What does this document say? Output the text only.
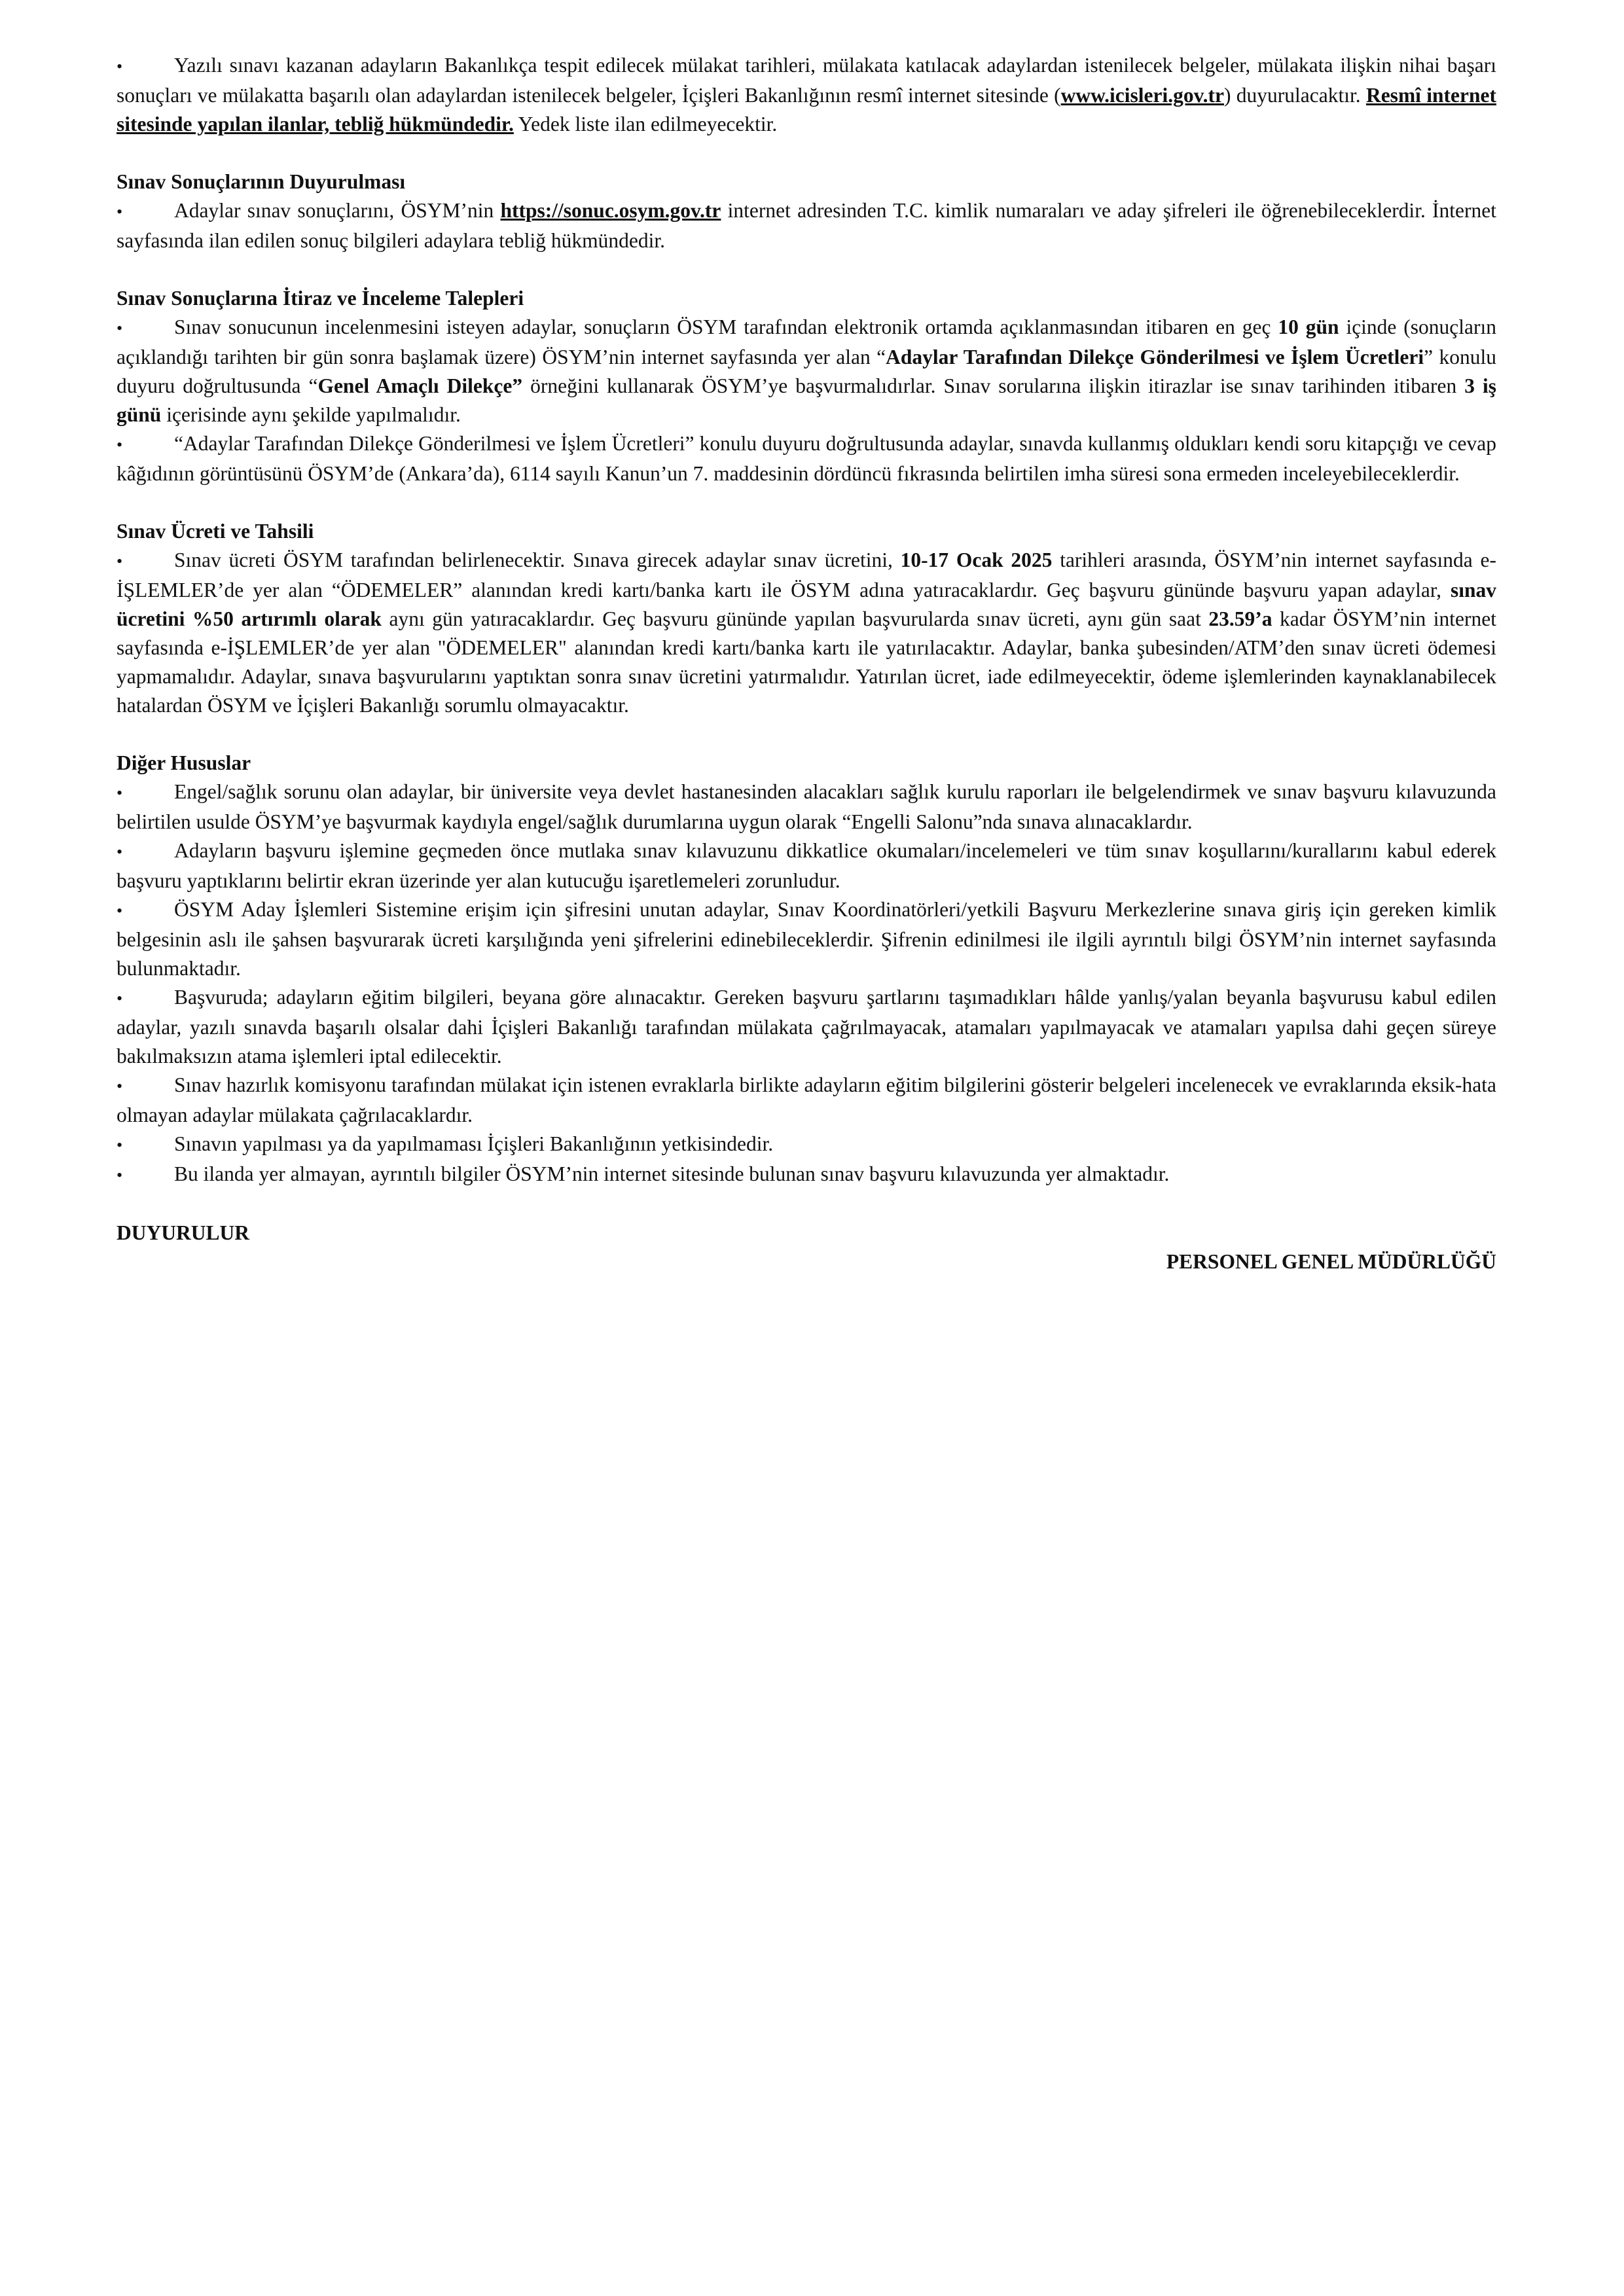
•	Yazılı sınavı kazanan adayların Bakanlıkça tespit edilecek mülakat tarihleri, mülakata katılacak adaylardan istenilecek belgeler, mülakata ilişkin nihai başarı sonuçları ve mülakatta başarılı olan adaylardan istenilecek belgeler, İçişleri Bakanlığının resmî internet sitesinde (www.icisleri.gov.tr) duyurulacaktır. Resmî internet sitesinde yapılan ilanlar, tebliğ hükmündedir. Yedek liste ilan edilmeyecektir.

Sınav Sonuçlarının Duyurulması

•	Adaylar sınav sonuçlarını, ÖSYM’nin https://sonuc.osym.gov.tr internet adresinden T.C. kimlik numaraları ve aday şifreleri ile öğrenebileceklerdir. İnternet sayfasında ilan edilen sonuç bilgileri adaylara tebliğ hükmündedir.

Sınav Sonuçlarına İtiraz ve İnceleme Talepleri

•	Sınav sonucunun incelenmesini isteyen adaylar, sonuçların ÖSYM tarafından elektronik ortamda açıklanmasından itibaren en geç 10 gün içinde (sonuçların açıklandığı tarihten bir gün sonra başlamak üzere) ÖSYM’nin internet sayfasında yer alan “Adaylar Tarafından Dilekçe Gönderilmesi ve İşlem Ücretleri” konulu duyuru doğrultusunda “Genel Amaçlı Dilekçe” örneğini kullanarak ÖSYM’ye başvurmalıdırlar. Sınav sorularına ilişkin itirazlar ise sınav tarihinden itibaren 3 iş günü içerisinde aynı şekilde yapılmalıdır.

•	“Adaylar Tarafından Dilekçe Gönderilmesi ve İşlem Ücretleri” konulu duyuru doğrultusunda adaylar, sınavda kullanmış oldukları kendi soru kitapçığı ve cevap kâğıdının görüntüsünü ÖSYM’de (Ankara’da), 6114 sayılı Kanun’un 7. maddesinin dördüncü fıkrasında belirtilen imha süresi sona ermeden inceleyebileceklerdir.

Sınav Ücreti ve Tahsili

•	Sınav ücreti ÖSYM tarafından belirlenecektir. Sınava girecek adaylar sınav ücretini, 10-17 Ocak 2025 tarihleri arasında, ÖSYM’nin internet sayfasında e-İŞLEMLER’de yer alan “ÖDEMELER” alanından kredi kartı/banka kartı ile ÖSYM adına yatıracaklardır. Geç başvuru gününde başvuru yapan adaylar, sınav ücretini %50 artırımlı olarak aynı gün yatıracaklardır. Geç başvuru gününde yapılan başvurularda sınav ücreti, aynı gün saat 23.59’a kadar ÖSYM’nin internet sayfasında e-İŞLEMLER’de yer alan "ÖDEMELER" alanından kredi kartı/banka kartı ile yatırılacaktır. Adaylar, banka şubesinden/ATM’den sınav ücreti ödemesi yapmamalıdır. Adaylar, sınava başvurularını yaptıktan sonra sınav ücretini yatırmalıdır. Yatırılan ücret, iade edilmeyecektir, ödeme işlemlerinden kaynaklanabilecek hatalardan ÖSYM ve İçişleri Bakanlığı sorumlu olmayacaktır.

Diğer Hususlar

•	Engel/sağlık sorunu olan adaylar, bir üniversite veya devlet hastanesinden alacakları sağlık kurulu raporları ile belgelendirmek ve sınav başvuru kılavuzunda belirtilen usulde ÖSYM’ye başvurmak kaydıyla engel/sağlık durumlarına uygun olarak “Engelli Salonu”nda sınava alınacaklardır.

•	Adayların başvuru işlemine geçmeden önce mutlaka sınav kılavuzunu dikkatlice okumaları/incelemeleri ve tüm sınav koşullarını/kurallarını kabul ederek başvuru yaptıklarını belirtir ekran üzerinde yer alan kutucuğu işaretlemeleri zorunludur.

•	ÖSYM Aday İşlemleri Sistemine erişim için şifresini unutan adaylar, Sınav Koordinatörleri/yetkili Başvuru Merkezlerine sınava giriş için gereken kimlik belgesinin aslı ile şahsen başvurarak ücreti karşılığında yeni şifrelerini edinebileceklerdir. Şifrenin edinilmesi ile ilgili ayrıntılı bilgi ÖSYM’nin internet sayfasında bulunmaktadır.

•	Başvuruda; adayların eğitim bilgileri, beyana göre alınacaktır. Gereken başvuru şartlarını taşımadıkları hâlde yanlış/yalan beyanla başvurusu kabul edilen adaylar, yazılı sınavda başarılı olsalar dahi İçişleri Bakanlığı tarafından mülakata çağrılmayacak, atamaları yapılmayacak ve atamaları yapılsa dahi geçen süreye bakılmaksızın atama işlemleri iptal edilecektir.

•	Sınav hazırlık komisyonu tarafından mülakat için istenen evraklarla birlikte adayların eğitim bilgilerini gösterir belgeleri incelenecek ve evraklarında eksik-hata olmayan adaylar mülakata çağrılacaklardır.

•	Sınavın yapılması ya da yapılmaması İçişleri Bakanlığının yetkisindedir.

•	Bu ilanda yer almayan, ayrıntılı bilgiler ÖSYM’nin internet sitesinde bulunan sınav başvuru kılavuzunda yer almaktadır.

DUYURULUR

PERSONEL GENEL MÜDÜRLÜĞÜ
